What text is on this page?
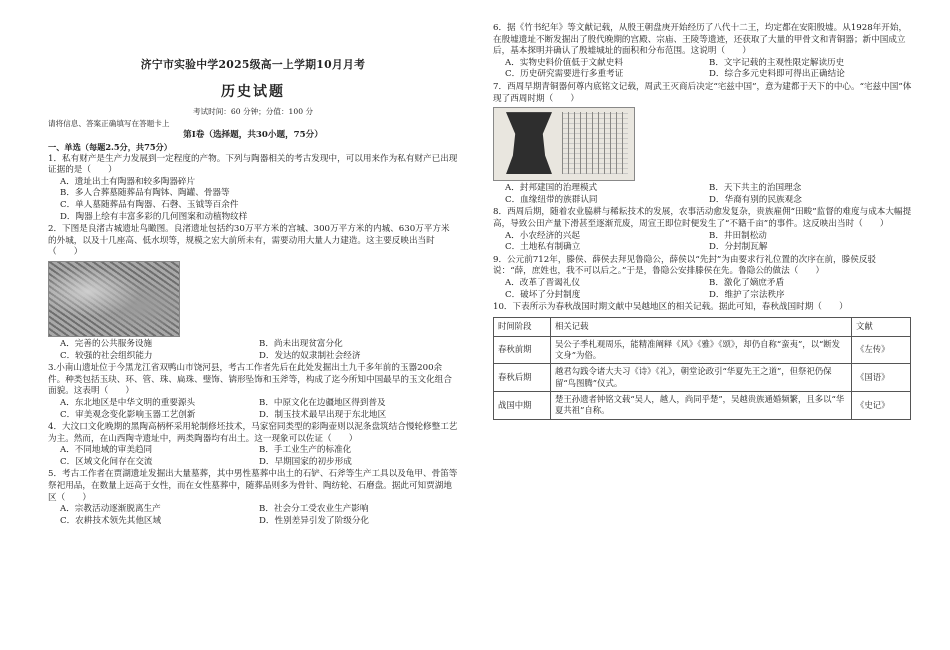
济宁市实验中学2025级高一上学期10月月考
历史试题
考试时间：60 分钟；分值：100 分
请将信息、答案正确填写在答题卡上
第Ⅰ卷（选择题，共30小题，75分）
一、单选（每题2.5分，共75分）
1．私有财产是生产力发展到一定程度的产物。下列与陶器相关的考古发现中，可以用来作为私有财产已出现证据的是（　　）
A．遗址出土有陶器和较多陶器碎片
B．多人合葬墓随葬品有陶钵、陶罐、骨器等
C．单人墓随葬品有陶器、石磬、玉钺等百余件
D．陶器上绘有丰富多彩的几何图案和动植物纹样
2．下图是良渚古城遗址鸟瞰图。良渚遗址包括约30万平方米的宫城、300万平方米的内城、630万平方米的外城，以及十几座高、低水坝等，规模之宏大前所未有，需要动用大量人力建造。这主要反映出当时（　　）
A．完善的公共服务设施	B．尚未出现贫富分化
C．较强的社会组织能力	D．发达的奴隶制社会经济
3.小南山遗址位于今黑龙江省双鸭山市饶河县，考古工作者先后在此处发掘出土九千多年前的玉器200余件。种类包括玉玦、环、管、珠、扁珠、璧饰、锛形坠饰和玉斧等，构成了迄今所知中国最早的玉文化组合面貌。这表明（　　）
A．东北地区是中华文明的重要源头	B．中原文化在边疆地区得到普及
C．审美观念变化影响玉器工艺创新	D．制玉技术最早出现于东北地区
4．大汶口文化晚期的黑陶高柄杯采用轮制修坯技术，马家窑同类型的彩陶壶则以泥条盘筑结合慢轮修整工艺为主。然而，在山西陶寺遗址中，两类陶器均有出土。这一现象可以佐证（　　）
A．不同地域的审美趋同	B．手工业生产的标准化
C．区域文化间存在交流	D．早期国家的初步形成
5．考古工作者在贾湖遗址发掘出大量墓葬，其中男性墓葬中出土的石铲、石斧等生产工具以及龟甲、骨笛等祭祀用品，在数量上远高于女性，而在女性墓葬中，随葬品则多为骨针、陶纺轮、石磨盘。据此可知贾湖地区（　　）
A．宗教活动逐渐脱离生产	B．社会分工受农业生产影响
C．农耕技术领先其他区域	D．性别差异引发了阶级分化
6．据《竹书纪年》等文献记载，从殷王朝盘庚开始经历了八代十二王，均定都在安阳殷墟。从1928年开始，在殷墟遗址不断发掘出了殷代晚期的宫殿、宗庙、王陵等遗迹，还获取了大量的甲骨文和青铜器；新中国成立后，基本探明并确认了殷墟城址的面积和分布范围。这说明（　　）
A．实物史料价值低于文献史料	B．文字记载的主观性限定解读历史
C．历史研究需要进行多重考证	D．综合多元史料即可得出正确结论
7．西周早期青铜器何尊内底铭文记载，周武王灭商后决定“宅兹中国”，意为建都于天下的中心。“宅兹中国”体现了西周时期（　　）
A．封邦建国的治理模式	B．天下共主的治国理念
C．血缘纽带的族群认同	D．华裔有别的民族观念
8．西周后期，随着农业脇耕与稀耘技术的发展，农事活动愈发复杂，贵族雇佣“田畯”监督的难度与成本大幅提高，导致公田产量下滑甚至逐渐荒废，周宣王即位时便发生了“不籍千亩”的事件。这反映出当时（　　）
A．小农经济的兴起	B．井田制松动
C．土地私有制确立	D．分封制瓦解
9．公元前712年，滕侯、薛侯去拜见鲁隐公，薛侯以“先封”为由要求行礼位置的次序在前，滕侯反驳说：“薛，庶姓也，我不可以后之。”于是，鲁隐公安排滕侯在先。鲁隐公的做法（　　）
A．改革了晋谒礼仪	B．激化了嫡庶矛盾
C．破坏了分封制度	D．维护了宗法秩序
10．下表所示为春秋战国时期文献中吴越地区的相关记载。据此可知，春秋战国时期（　　）
时间阶段	相关记载	文献
春秋前期	吴公子季札观周乐，能精准阐释《风》《雅》《颂》，却仍自称“蛮夷”，以“断发文身”为俗。	《左传》
春秋后期	越君勾践令诸大夫习《诗》《礼》，朝堂论政引“华夏先王之道”，但祭祀仍保留“鸟图腾”仪式。	《国语》
战国中期	楚王孙遗者钟铭文载“吴人，越人，尚同乎楚”，吴越贵族通婚频繁，且多以“华夏共祖”自称。	《史记》
